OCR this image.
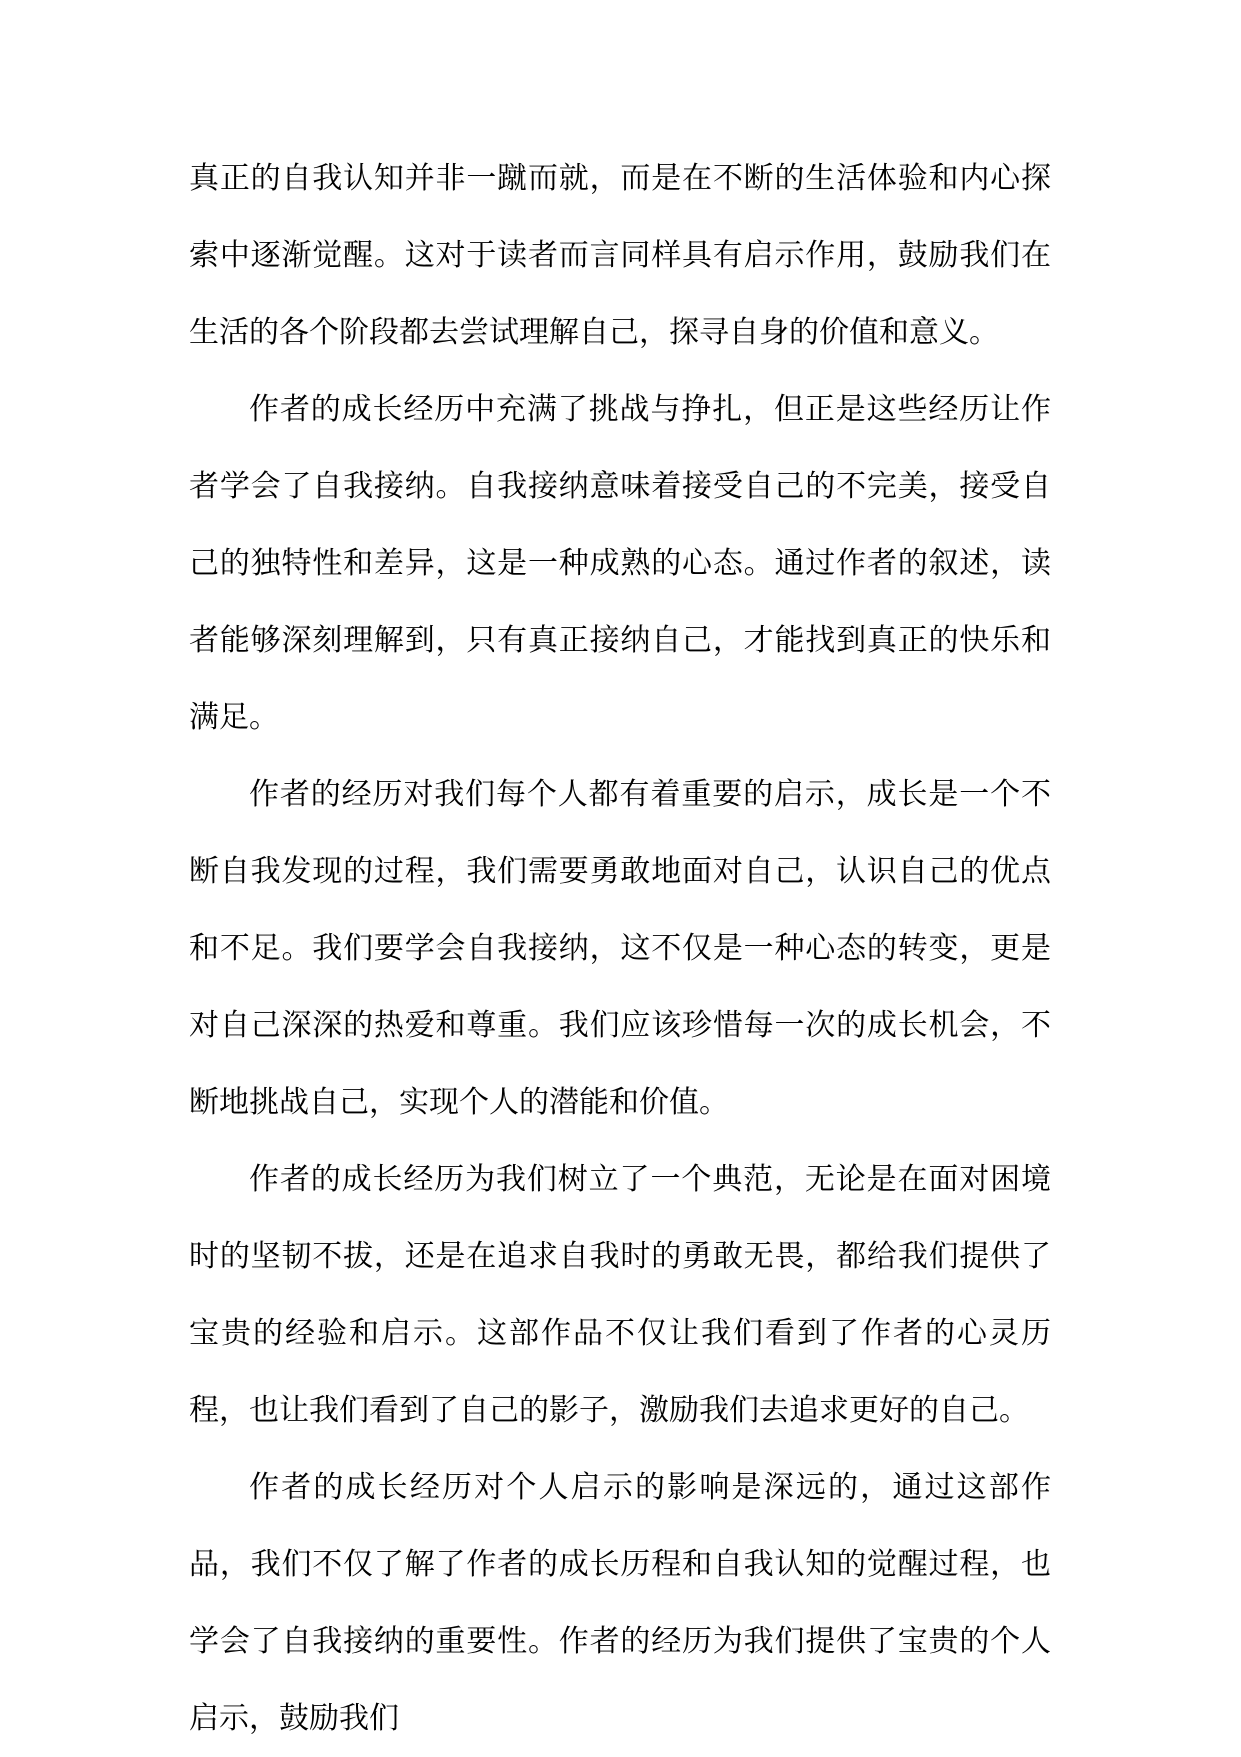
真正的自我认知并非一蹴而就，而是在不断的生活体验和内心探索中逐渐觉醒。这对于读者而言同样具有启示作用，鼓励我们在生活的各个阶段都去尝试理解自己，探寻自身的价值和意义。

作者的成长经历中充满了挑战与挣扎，但正是这些经历让作者学会了自我接纳。自我接纳意味着接受自己的不完美，接受自己的独特性和差异，这是一种成熟的心态。通过作者的叙述，读者能够深刻理解到，只有真正接纳自己，才能找到真正的快乐和满足。

作者的经历对我们每个人都有着重要的启示，成长是一个不断自我发现的过程，我们需要勇敢地面对自己，认识自己的优点和不足。我们要学会自我接纳，这不仅是一种心态的转变，更是对自己深深的热爱和尊重。我们应该珍惜每一次的成长机会，不断地挑战自己，实现个人的潜能和价值。

作者的成长经历为我们树立了一个典范，无论是在面对困境时的坚韧不拔，还是在追求自我时的勇敢无畏，都给我们提供了宝贵的经验和启示。这部作品不仅让我们看到了作者的心灵历程，也让我们看到了自己的影子，激励我们去追求更好的自己。

作者的成长经历对个人启示的影响是深远的，通过这部作品，我们不仅了解了作者的成长历程和自我认知的觉醒过程，也学会了自我接纳的重要性。作者的经历为我们提供了宝贵的个人启示，鼓励我们
